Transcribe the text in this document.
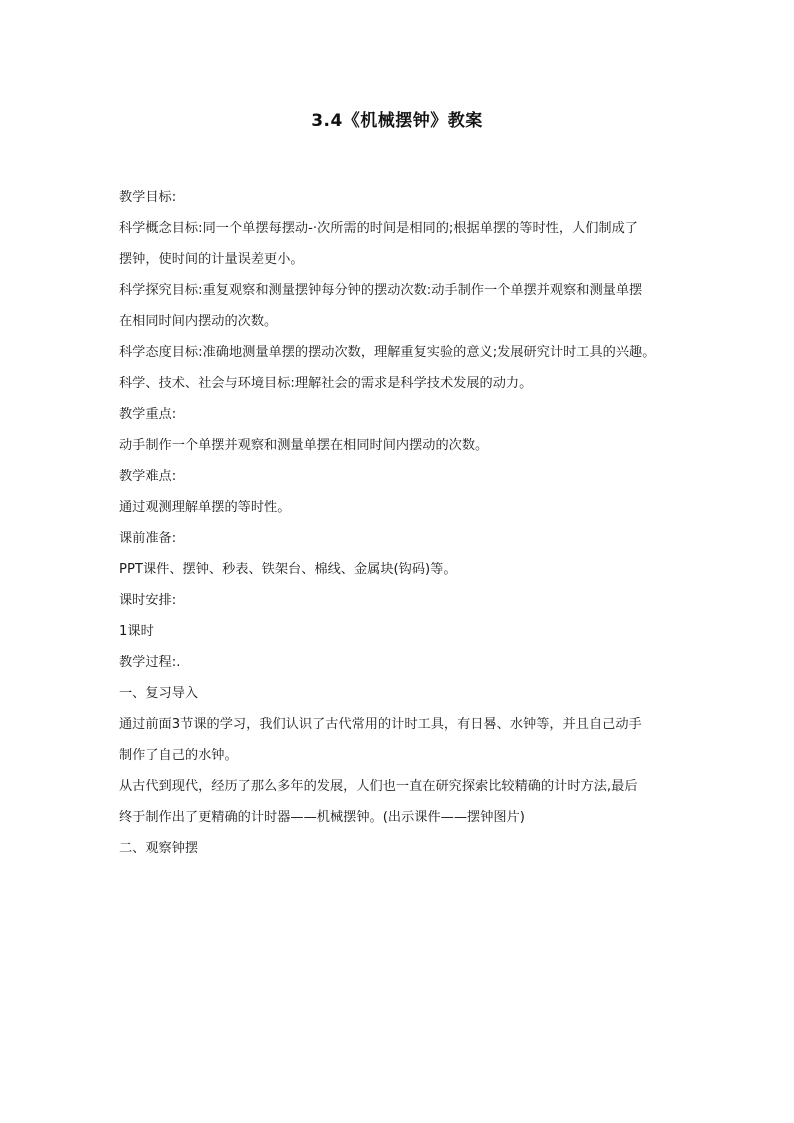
3.4《机械摆钟》教案
教学目标:
科学概念目标:同一个单摆每摆动-·次所需的时间是相同的;根据单摆的等时性，人们制成了
摆钟，使时间的计量误差更小。
科学探究目标:重复观察和测量摆钟每分钟的摆动次数:动手制作一个单摆并观察和测量单摆
在相同时间内摆动的次数。
科学态度目标:准确地测量单摆的摆动次数，理解重复实验的意义;发展研究计时工具的兴趣。
科学、技术、社会与环境目标:理解社会的需求是科学技术发展的动力。
教学重点:
动手制作一个单摆并观察和测量单摆在相同时间内摆动的次数。
教学难点:
通过观测理解单摆的等时性。
课前准备:
PPT课件、摆钟、秒表、铁架台、棉线、金属块(钩码)等。
课时安排:
1课时
教学过程:.
一、复习导入
通过前面3节课的学习，我们认识了古代常用的计时工具，有日晷、水钟等，并且自己动手
制作了自己的水钟。
从古代到现代，经历了那么多年的发展，人们也一直在研究探索比较精确的计时方法,最后
终于制作出了更精确的计时器——机械摆钟。(出示课件——摆钟图片)
二、观察钟摆
